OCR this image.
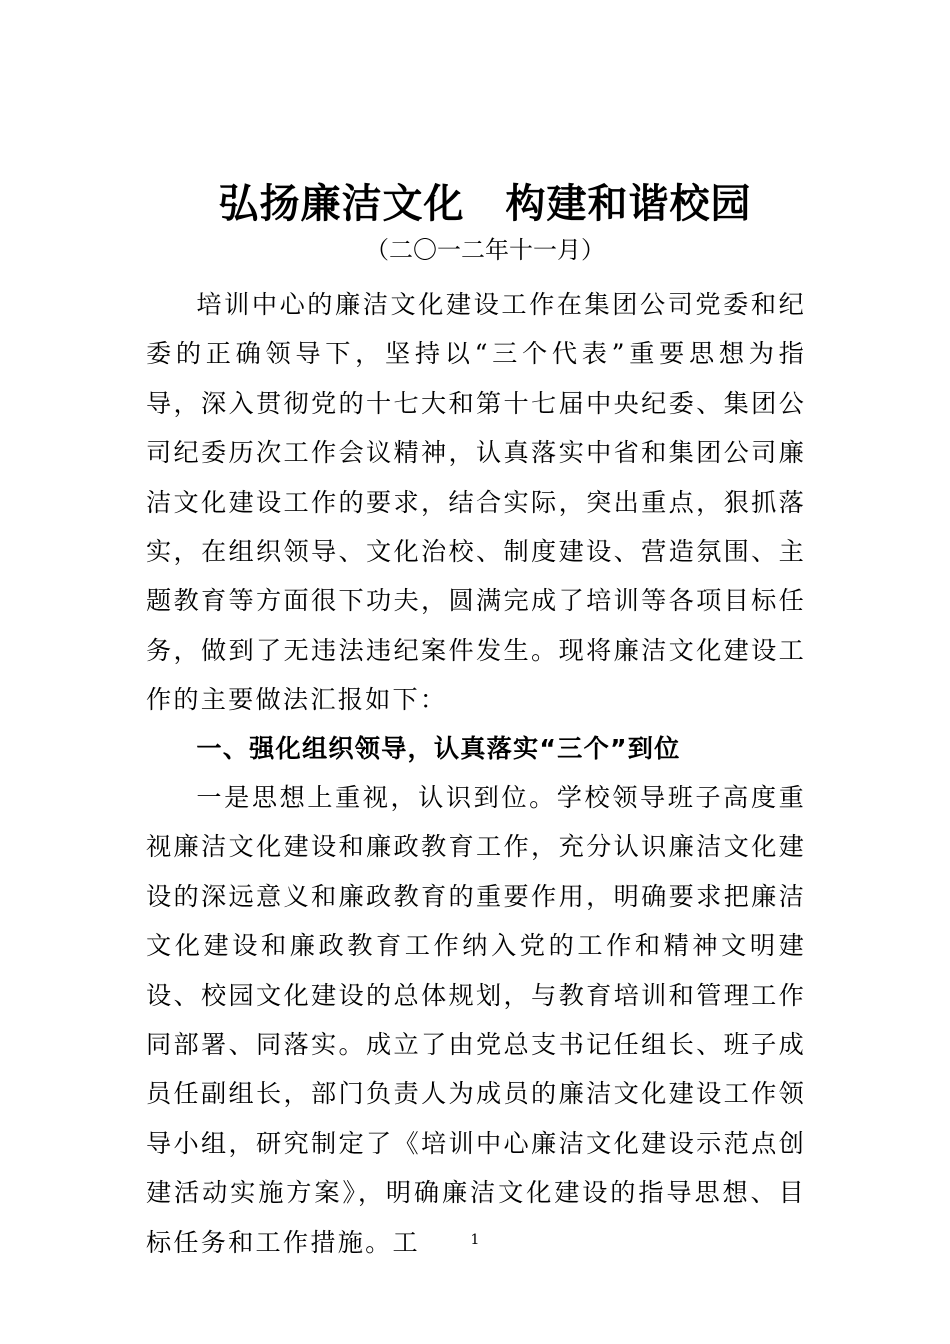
弘扬廉洁文化　构建和谐校园
（二〇一二年十一月）

培训中心的廉洁文化建设工作在集团公司党委和纪委的正确领导下，坚持以“三个代表”重要思想为指导，深入贯彻党的十七大和第十七届中央纪委、集团公司纪委历次工作会议精神，认真落实中省和集团公司廉洁文化建设工作的要求，结合实际，突出重点，狠抓落实，在组织领导、文化治校、制度建设、营造氛围、主题教育等方面很下功夫，圆满完成了培训等各项目标任务，做到了无违法违纪案件发生。现将廉洁文化建设工作的主要做法汇报如下：

一、强化组织领导，认真落实“三个”到位

一是思想上重视，认识到位。学校领导班子高度重视廉洁文化建设和廉政教育工作，充分认识廉洁文化建设的深远意义和廉政教育的重要作用，明确要求把廉洁文化建设和廉政教育工作纳入党的工作和精神文明建设、校园文化建设的总体规划，与教育培训和管理工作同部署、同落实。成立了由党总支书记任组长、班子成员任副组长，部门负责人为成员的廉洁文化建设工作领导小组，研究制定了《培训中心廉洁文化建设示范点创建活动实施方案》，明确廉洁文化建设的指导思想、目标任务和工作措施。工	1
